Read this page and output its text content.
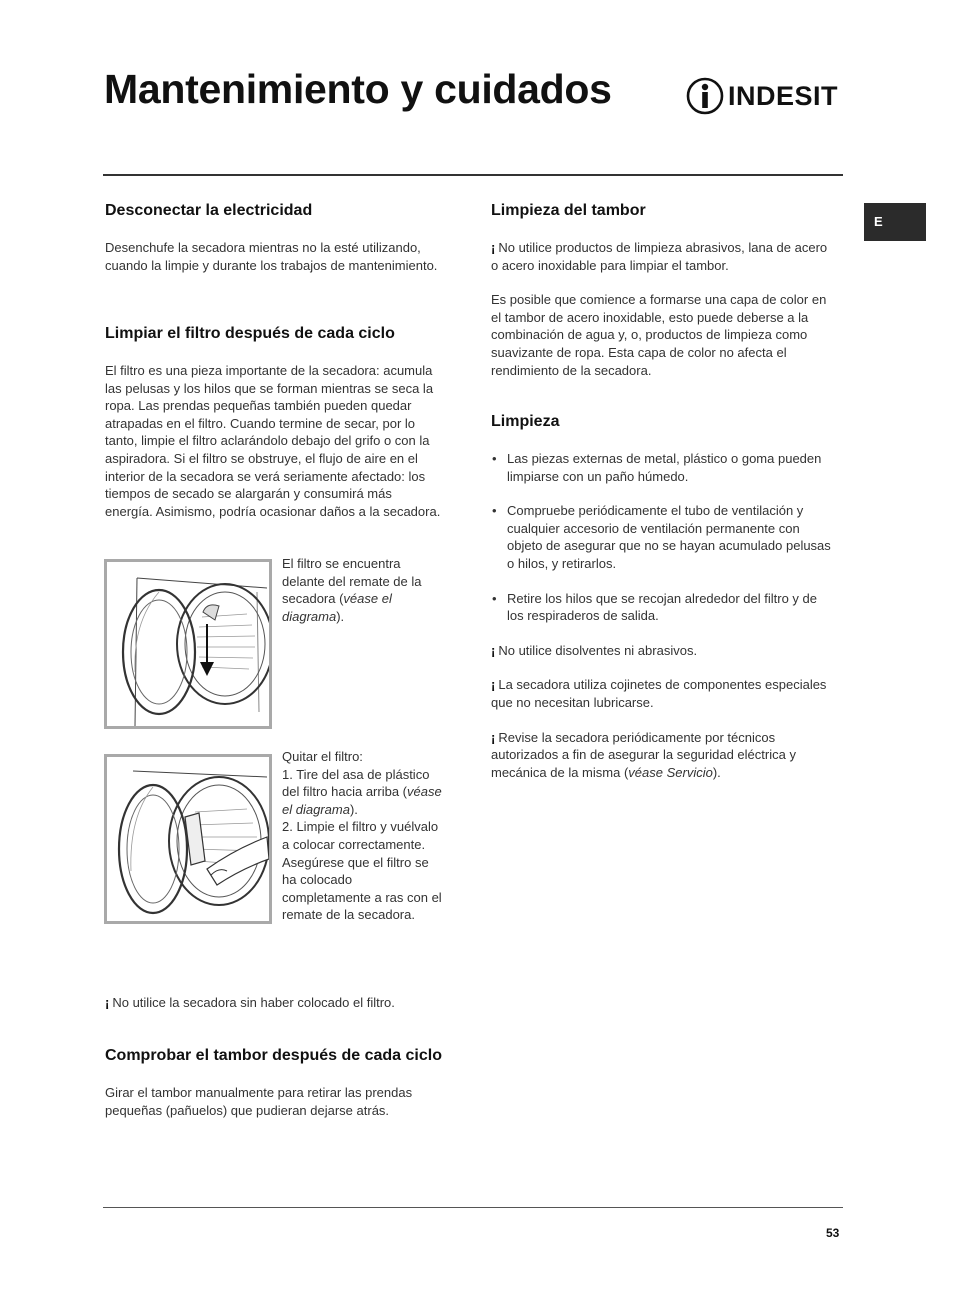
Mantenimiento y cuidados	INDESIT
E
Desconectar la electricidad

Desenchufe la secadora mientras no la esté utilizando, cuando la limpie y durante los trabajos de mantenimiento.

Limpiar el filtro después de cada ciclo

El filtro es una pieza importante de la secadora: acumula las pelusas y los hilos que se forman mientras se seca la ropa. Las prendas pequeñas también pueden quedar atrapadas en el filtro. Cuando termine de secar, por lo tanto, limpie el filtro aclarándolo debajo del grifo o con la aspiradora. Si el filtro se obstruye, el flujo de aire en el interior de la secadora se verá seriamente afectado: los tiempos de secado se alargarán y consumirá más energía. Asimismo, podría ocasionar daños a la secadora.

El filtro se encuentra delante del remate de la secadora (véase el diagrama).

Quitar el filtro:

1. Tire del asa de plástico del filtro hacia arriba (véase el diagrama).

2. Limpie el filtro y vuélvalo a colocar correctamente. Asegúrese que el filtro se ha colocado completamente a ras con el remate de la secadora.

¡ No utilice la secadora sin haber colocado el filtro.

Comprobar el tambor después de cada ciclo

Girar el tambor manualmente para retirar las prendas pequeñas (pañuelos) que pudieran dejarse atrás.

Limpieza del tambor

¡ No utilice productos de limpieza abrasivos, lana de acero o acero inoxidable para limpiar el tambor.

Es posible que comience a formarse una capa de color en el tambor de acero inoxidable, esto puede deberse a la combinación de agua y, o, productos de limpieza como suavizante de ropa. Esta capa de color no afecta el rendimiento de la secadora.

Limpieza
• Las piezas externas de metal, plástico o goma pueden limpiarse con un paño húmedo.
• Compruebe periódicamente el tubo de ventilación y cualquier accesorio de ventilación permanente con objeto de asegurar que no se hayan acumulado pelusas o hilos, y retirarlos.
• Retire los hilos que se recojan alrededor del filtro y de los respiraderos de salida.

¡ No utilice disolventes ni abrasivos.

¡ La secadora utiliza cojinetes de componentes especiales que no necesitan lubricarse.

¡ Revise la secadora periódicamente por técnicos autorizados a fin de asegurar la seguridad eléctrica y mecánica de la misma (véase Servicio).

53
